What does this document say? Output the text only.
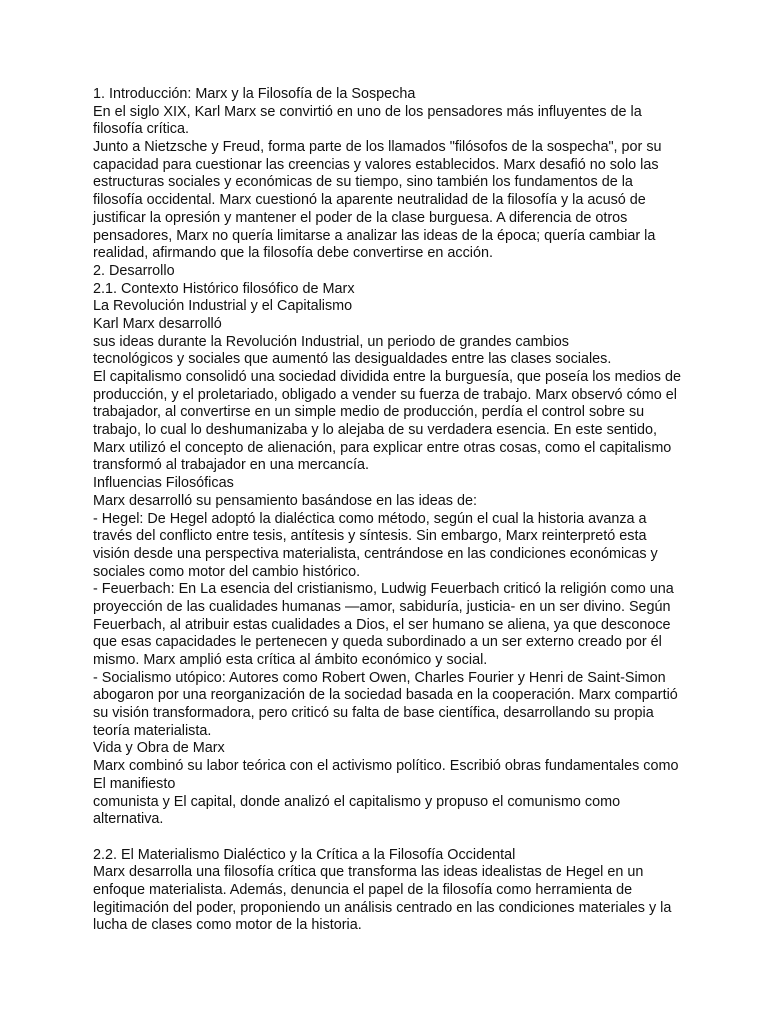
1. Introducción: Marx y la Filosofía de la Sospecha
En el siglo XIX, Karl Marx se convirtió en uno de los pensadores más influyentes de la
filosofía crítica.
Junto a Nietzsche y Freud, forma parte de los llamados "filósofos de la sospecha", por su
capacidad para cuestionar las creencias y valores establecidos. Marx desafió no solo las
estructuras sociales y económicas de su tiempo, sino también los fundamentos de la
filosofía occidental. Marx cuestionó la aparente neutralidad de la filosofía y la acusó de
justificar la opresión y mantener el poder de la clase burguesa. A diferencia de otros
pensadores, Marx no quería limitarse a analizar las ideas de la época; quería cambiar la
realidad, afirmando que la filosofía debe convertirse en acción.
2. Desarrollo
2.1. Contexto Histórico filosófico de Marx
La Revolución Industrial y el Capitalismo
Karl Marx desarrolló
sus ideas durante la Revolución Industrial, un periodo de grandes cambios
tecnológicos y sociales que aumentó las desigualdades entre las clases sociales.
El capitalismo consolidó una sociedad dividida entre la burguesía, que poseía los medios de
producción, y el proletariado, obligado a vender su fuerza de trabajo. Marx observó cómo el
trabajador, al convertirse en un simple medio de producción, perdía el control sobre su
trabajo, lo cual lo deshumanizaba y lo alejaba de su verdadera esencia. En este sentido,
Marx utilizó el concepto de alienación, para explicar entre otras cosas, como el capitalismo
transformó al trabajador en una mercancía.
Influencias Filosóficas
Marx desarrolló su pensamiento basándose en las ideas de:
- Hegel: De Hegel adoptó la dialéctica como método, según el cual la historia avanza a
través del conflicto entre tesis, antítesis y síntesis. Sin embargo, Marx reinterpretó esta
visión desde una perspectiva materialista, centrándose en las condiciones económicas y
sociales como motor del cambio histórico.
- Feuerbach: En La esencia del cristianismo, Ludwig Feuerbach criticó la religión como una
proyección de las cualidades humanas —amor, sabiduría, justicia- en un ser divino. Según
Feuerbach, al atribuir estas cualidades a Dios, el ser humano se aliena, ya que desconoce
que esas capacidades le pertenecen y queda subordinado a un ser externo creado por él
mismo. Marx amplió esta crítica al ámbito económico y social.
- Socialismo utópico: Autores como Robert Owen, Charles Fourier y Henri de Saint-Simon
abogaron por una reorganización de la sociedad basada en la cooperación. Marx compartió
su visión transformadora, pero criticó su falta de base científica, desarrollando su propia
teoría materialista.
Vida y Obra de Marx
Marx combinó su labor teórica con el activismo político. Escribió obras fundamentales como
El manifiesto
comunista y El capital, donde analizó el capitalismo y propuso el comunismo como
alternativa.
2.2. El Materialismo Dialéctico y la Crítica a la Filosofía Occidental
Marx desarrolla una filosofía crítica que transforma las ideas idealistas de Hegel en un
enfoque materialista. Además, denuncia el papel de la filosofía como herramienta de
legitimación del poder, proponiendo un análisis centrado en las condiciones materiales y la
lucha de clases como motor de la historia.
